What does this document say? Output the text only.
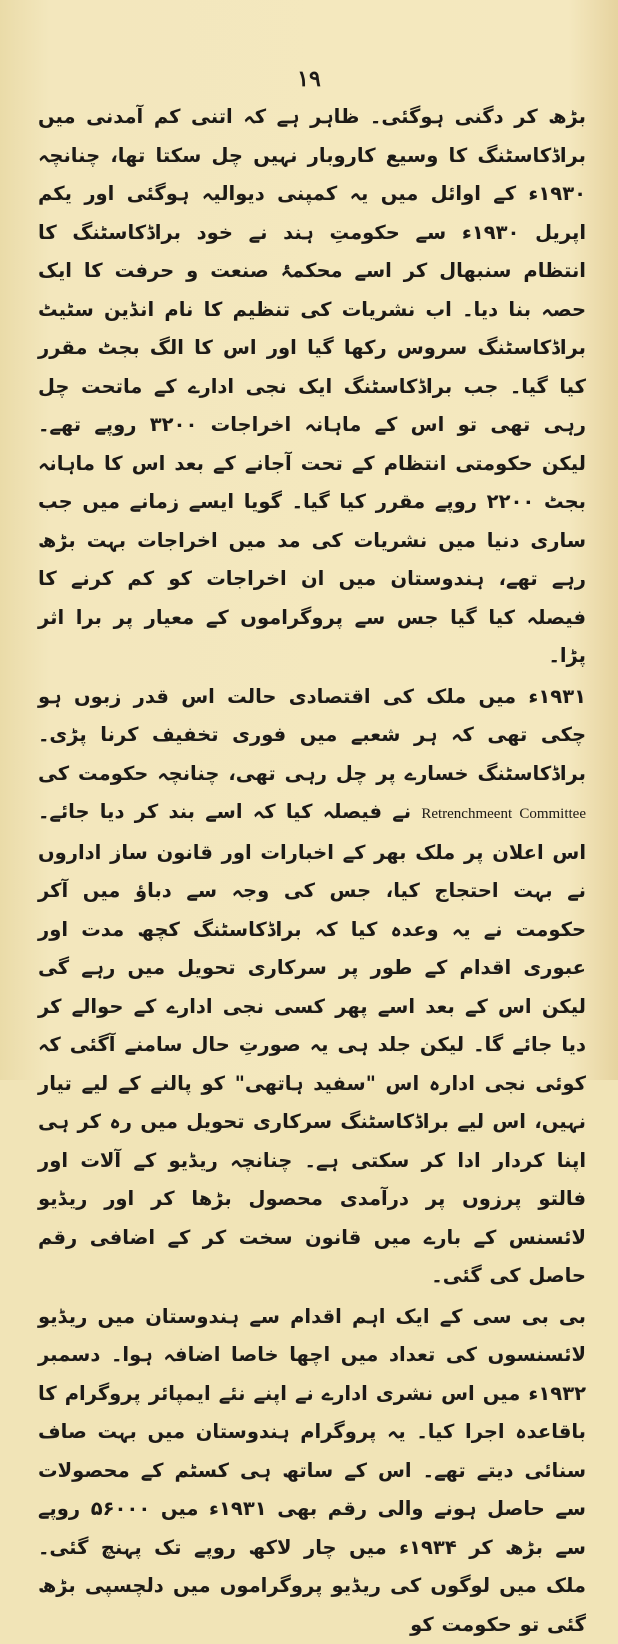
۱۹

بڑھ کر دگنی ہوگئی۔ ظاہر ہے کہ اتنی کم آمدنی میں براڈکاسٹنگ کا وسیع کاروبار نہیں چل سکتا تھا، چنانچہ ۱۹۳۰ء کے اوائل میں یہ کمپنی دیوالیہ ہوگئی اور یکم اپریل ۱۹۳۰ء سے حکومتِ ہند نے خود براڈکاسٹنگ کا انتظام سنبھال کر اسے محکمۂ صنعت و حرفت کا ایک حصہ بنا دیا۔ اب نشریات کی تنظیم کا نام انڈین سٹیٹ براڈکاسٹنگ سروس رکھا گیا اور اس کا الگ بجٹ مقرر کیا گیا۔ جب براڈکاسٹنگ ایک نجی ادارے کے ماتحت چل رہی تھی تو اس کے ماہانہ اخراجات ۳۲۰۰ روپے تھے۔ لیکن حکومتی انتظام کے تحت آجانے کے بعد اس کا ماہانہ بجٹ ۲۲۰۰ روپے مقرر کیا گیا۔ گویا ایسے زمانے میں جب ساری دنیا میں نشریات کی مد میں اخراجات بہت بڑھ رہے تھے، ہندوستان میں ان اخراجات کو کم کرنے کا فیصلہ کیا گیا جس سے پروگراموں کے معیار پر برا اثر پڑا۔

۱۹۳۱ء میں ملک کی اقتصادی حالت اس قدر زبوں ہو چکی تھی کہ ہر شعبے میں فوری تخفیف کرنا پڑی۔ براڈکاسٹنگ خسارے پر چل رہی تھی، چنانچہ حکومت کی Retrenchmeent Committee نے فیصلہ کیا کہ اسے بند کر دیا جائے۔ اس اعلان پر ملک بھر کے اخبارات اور قانون ساز اداروں نے بہت احتجاج کیا، جس کی وجہ سے دباؤ میں آکر حکومت نے یہ وعدہ کیا کہ براڈکاسٹنگ کچھ مدت اور عبوری اقدام کے طور پر سرکاری تحویل میں رہے گی لیکن اس کے بعد اسے پھر کسی نجی ادارے کے حوالے کر دیا جائے گا۔ لیکن جلد ہی یہ صورتِ حال سامنے آگئی کہ کوئی نجی ادارہ اس "سفید ہاتھی" کو پالنے کے لیے تیار نہیں، اس لیے براڈکاسٹنگ سرکاری تحویل میں رہ کر ہی اپنا کردار ادا کر سکتی ہے۔ چنانچہ ریڈیو کے آلات اور فالتو پرزوں پر درآمدی محصول بڑھا کر اور ریڈیو لائسنس کے بارے میں قانون سخت کر کے اضافی رقم حاصل کی گئی۔

بی بی سی کے ایک اہم اقدام سے ہندوستان میں ریڈیو لائسنسوں کی تعداد میں اچھا خاصا اضافہ ہوا۔ دسمبر ۱۹۳۲ء میں اس نشری ادارے نے اپنے نئے ایمپائر پروگرام کا باقاعدہ اجرا کیا۔ یہ پروگرام ہندوستان میں بہت صاف سنائی دیتے تھے۔ اس کے ساتھ ہی کسٹم کے محصولات سے حاصل ہونے والی رقم بھی ۱۹۳۱ء میں ۵۶۰۰۰ روپے سے بڑھ کر ۱۹۳۴ء میں چار لاکھ روپے تک پہنچ گئی۔ ملک میں لوگوں کی ریڈیو پروگراموں میں دلچسپی بڑھ گئی تو حکومت کو
